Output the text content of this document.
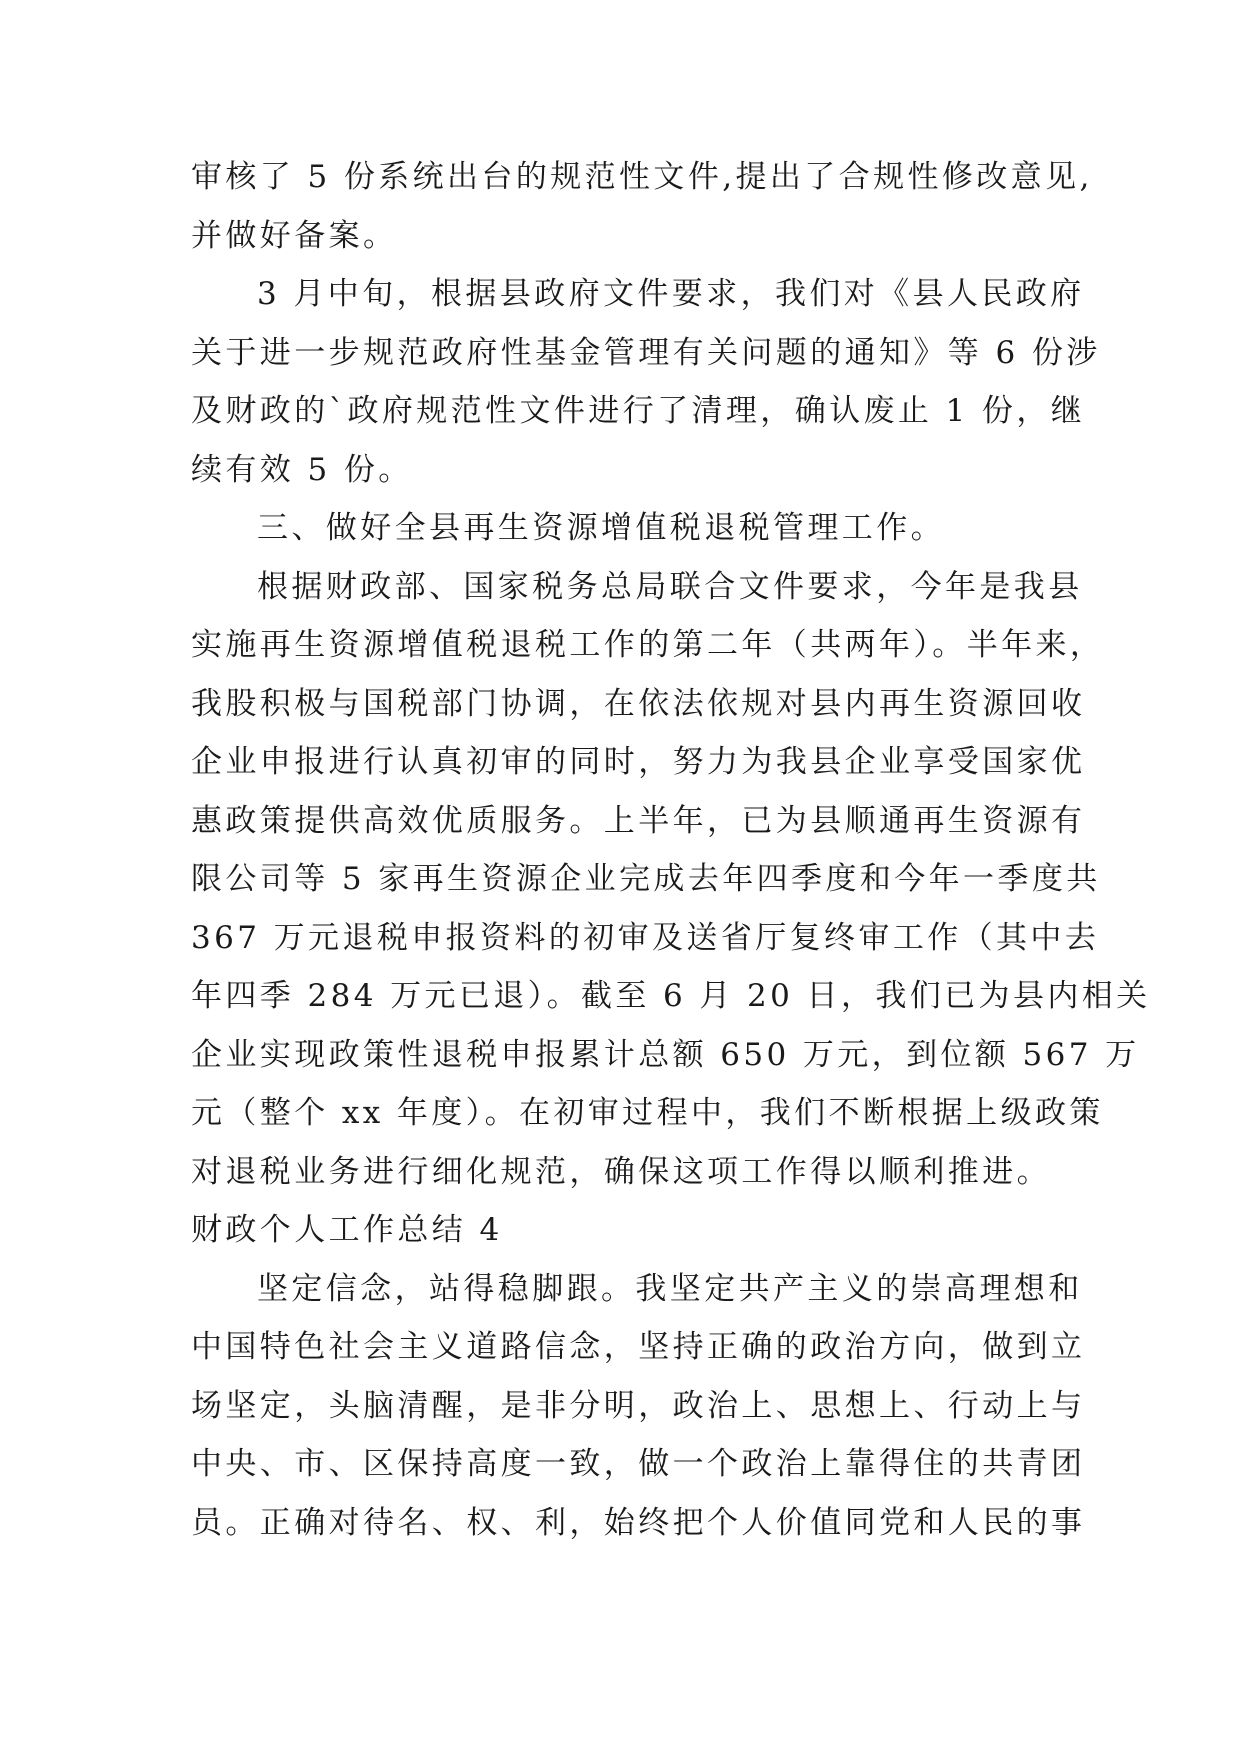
审核了 5 份系统出台的规范性文件,提出了合规性修改意见,
并做好备案。
3 月中旬，根据县政府文件要求，我们对《县人民政府
关于进一步规范政府性基金管理有关问题的通知》等 6 份涉
及财政的`政府规范性文件进行了清理，确认废止 1 份，继
续有效 5 份。
三、做好全县再生资源增值税退税管理工作。
根据财政部、国家税务总局联合文件要求，今年是我县
实施再生资源增值税退税工作的第二年（共两年）。半年来，
我股积极与国税部门协调，在依法依规对县内再生资源回收
企业申报进行认真初审的同时，努力为我县企业享受国家优
惠政策提供高效优质服务。上半年，已为县顺通再生资源有
限公司等 5 家再生资源企业完成去年四季度和今年一季度共
367 万元退税申报资料的初审及送省厅复终审工作（其中去
年四季 284 万元已退）。截至 6 月 20 日，我们已为县内相关
企业实现政策性退税申报累计总额 650 万元，到位额 567 万
元（整个 xx 年度）。在初审过程中，我们不断根据上级政策
对退税业务进行细化规范，确保这项工作得以顺利推进。
财政个人工作总结 4
坚定信念，站得稳脚跟。我坚定共产主义的崇高理想和
中国特色社会主义道路信念，坚持正确的政治方向，做到立
场坚定，头脑清醒，是非分明，政治上、思想上、行动上与
中央、市、区保持高度一致，做一个政治上靠得住的共青团
员。正确对待名、权、利，始终把个人价值同党和人民的事
